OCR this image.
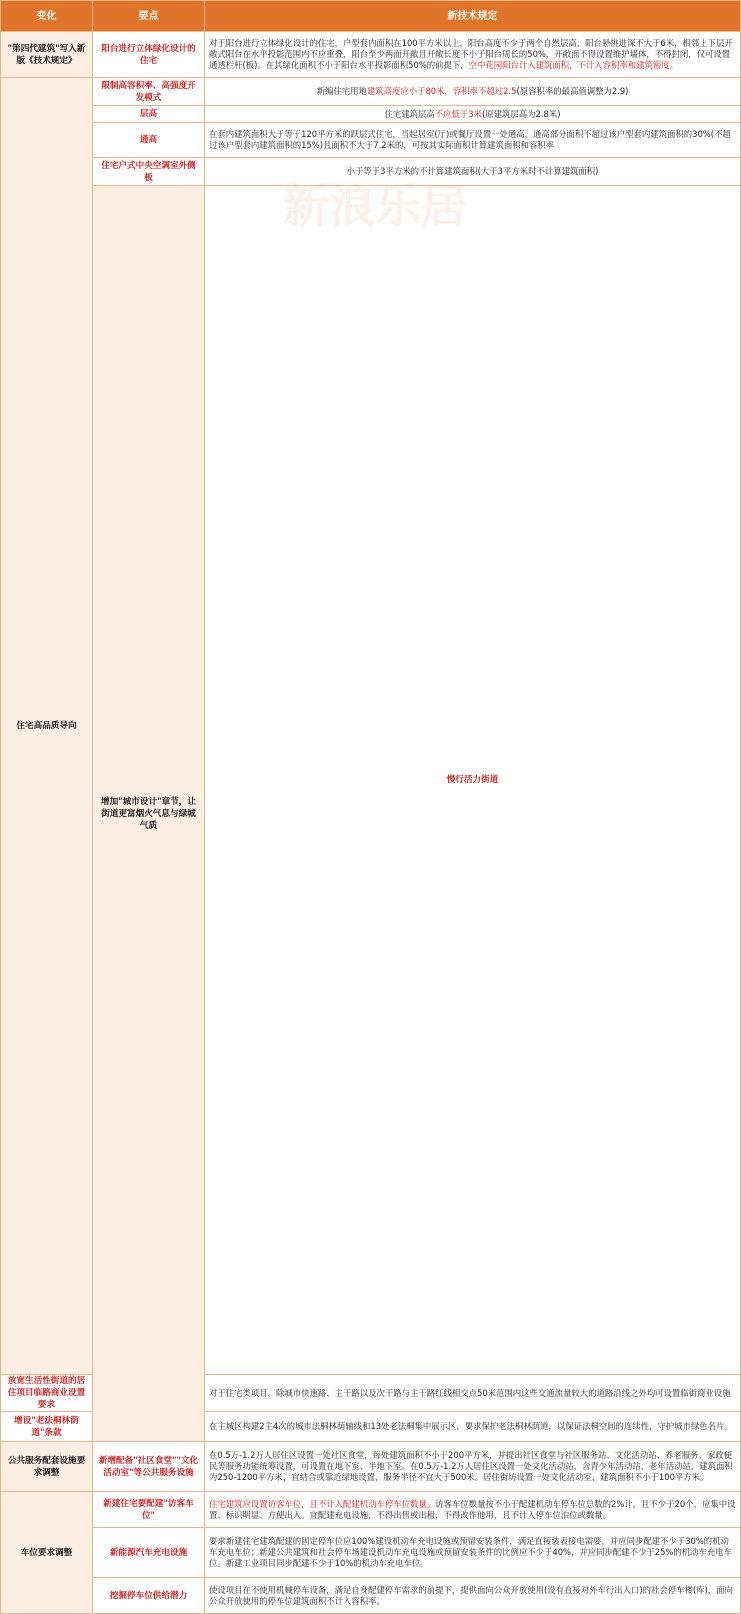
变化	要点	新技术规定	
"第四代建筑"写入新版《技术规定》	阳台进行立体绿化设计的住宅	对于阳台进行立体绿化设计的住宅，户型套内面积在100平方米以上，阳台高度不少于两个自然层高，阳台悬挑进深不大于6米，相邻上下层开敞式阳台在水平投影范围内不应重叠，阳台至少两面开敞且开敞长度不小于阳台周长的50%，开敞面不得设置维护墙体，不得封闭，仅可设置通透栏杆(板)。在其绿化面积不小于阳台水平投影面积50%的前提下，空中花园阳台计入建筑面积，不计入容积率和建筑密度。	
住宅高品质导向	限制高容积率、高强度开发模式	新编住宅用地建筑高度应小于80米，容积率不超过2.5(原容积率的最高值调整为2.9)	
	层高	住宅建筑层高不应低于3米(原建筑层高为2.8米)	
	通高	在套内建筑面积大于等于120平方米的跃层式住宅，当起居室(厅)或餐厅设置一处通高，通高部分面积不超过该户型套内建筑面积的30%(不超过该户型套内建筑面积的15%)且面积不大于7.2米的，可按其实际面积计算建筑面积和容积率	
	住宅户式中央空调室外侧板	小于等于3平方米的不计算建筑面积(大于3平方米时不计算建筑面积)	
	增加"城市设计"章节，让街道更富烟火气息与绿城气质	慢行活力街道	
放宽生活性街道的居住项目临路商业设置要求		对于住宅类项目，除城市快速路、主干路以及次干路与主干路红线相交点50米范围内这些交通流量较大的道路沿线之外均可设置临街商业设施	
增设"老法桐林荫道"条款		在主城区构建2主4次的城市法桐林荫轴线和13处老法桐集中展示区，要求保护老法桐林荫道，以保证法桐空间的连续性，守护城市绿色名片。	
公共服务配套设施要求调整	新增配备"社区食堂""文化活动室"等公共服务设施	在0.5万-1.2万人居住区设置一处社区食堂，每处建筑面积不小于200平方米，并提出社区食堂与社区服务站、文化活动站、养老服务、家政便民等服务功能统筹设置，可设置在地下室、半地下室。在0.5万-1.2万人居住区设置一处文化活动站，含青少年活动站、老年活动站，建筑面积为250-1200平方米，宜结合或靠近绿地设置，服务半径不宜大于500米。居住街坊设置一处文化活动室，建筑面积不小于100平方米。	
车位要求调整	新建住宅要配建"访客车位"	住宅建筑应设置访客车位，且不计入配建机动车停车位数量。访客车位数量按不小于配建机动车停车位总数的2%计，且不少于20个，应集中设置、标识明显、方便出入。宜配建充电设施，不得出售或出租，不得改作他用，且不计入停车位泊位或数量。	
	新能源汽车充电设施	要求新建住宅建筑配建的固定停车位应100%建设机动车充电设施或预留安装条件，满足直接装表接电需要，并应同步配建不少于30%的机动车充电车位；新建公共建筑和社会停车场建设机动车充电设施或预留安装条件的比例应不少于40%，并应同步配建不少于25%的机动车充电车位。新建工业项目同步配建不少于10%的机动车充电车位。	
	挖掘停车位供给潜力	使设项目在不使用机械停车设备，满足自身配建停车需求的前提下，提供面向公众开放使用(设有直接对外车行出入口)的社会停车楼(库)，面向公众开放使用的停车位建筑面积不计入容积率。	
新浪乐居
